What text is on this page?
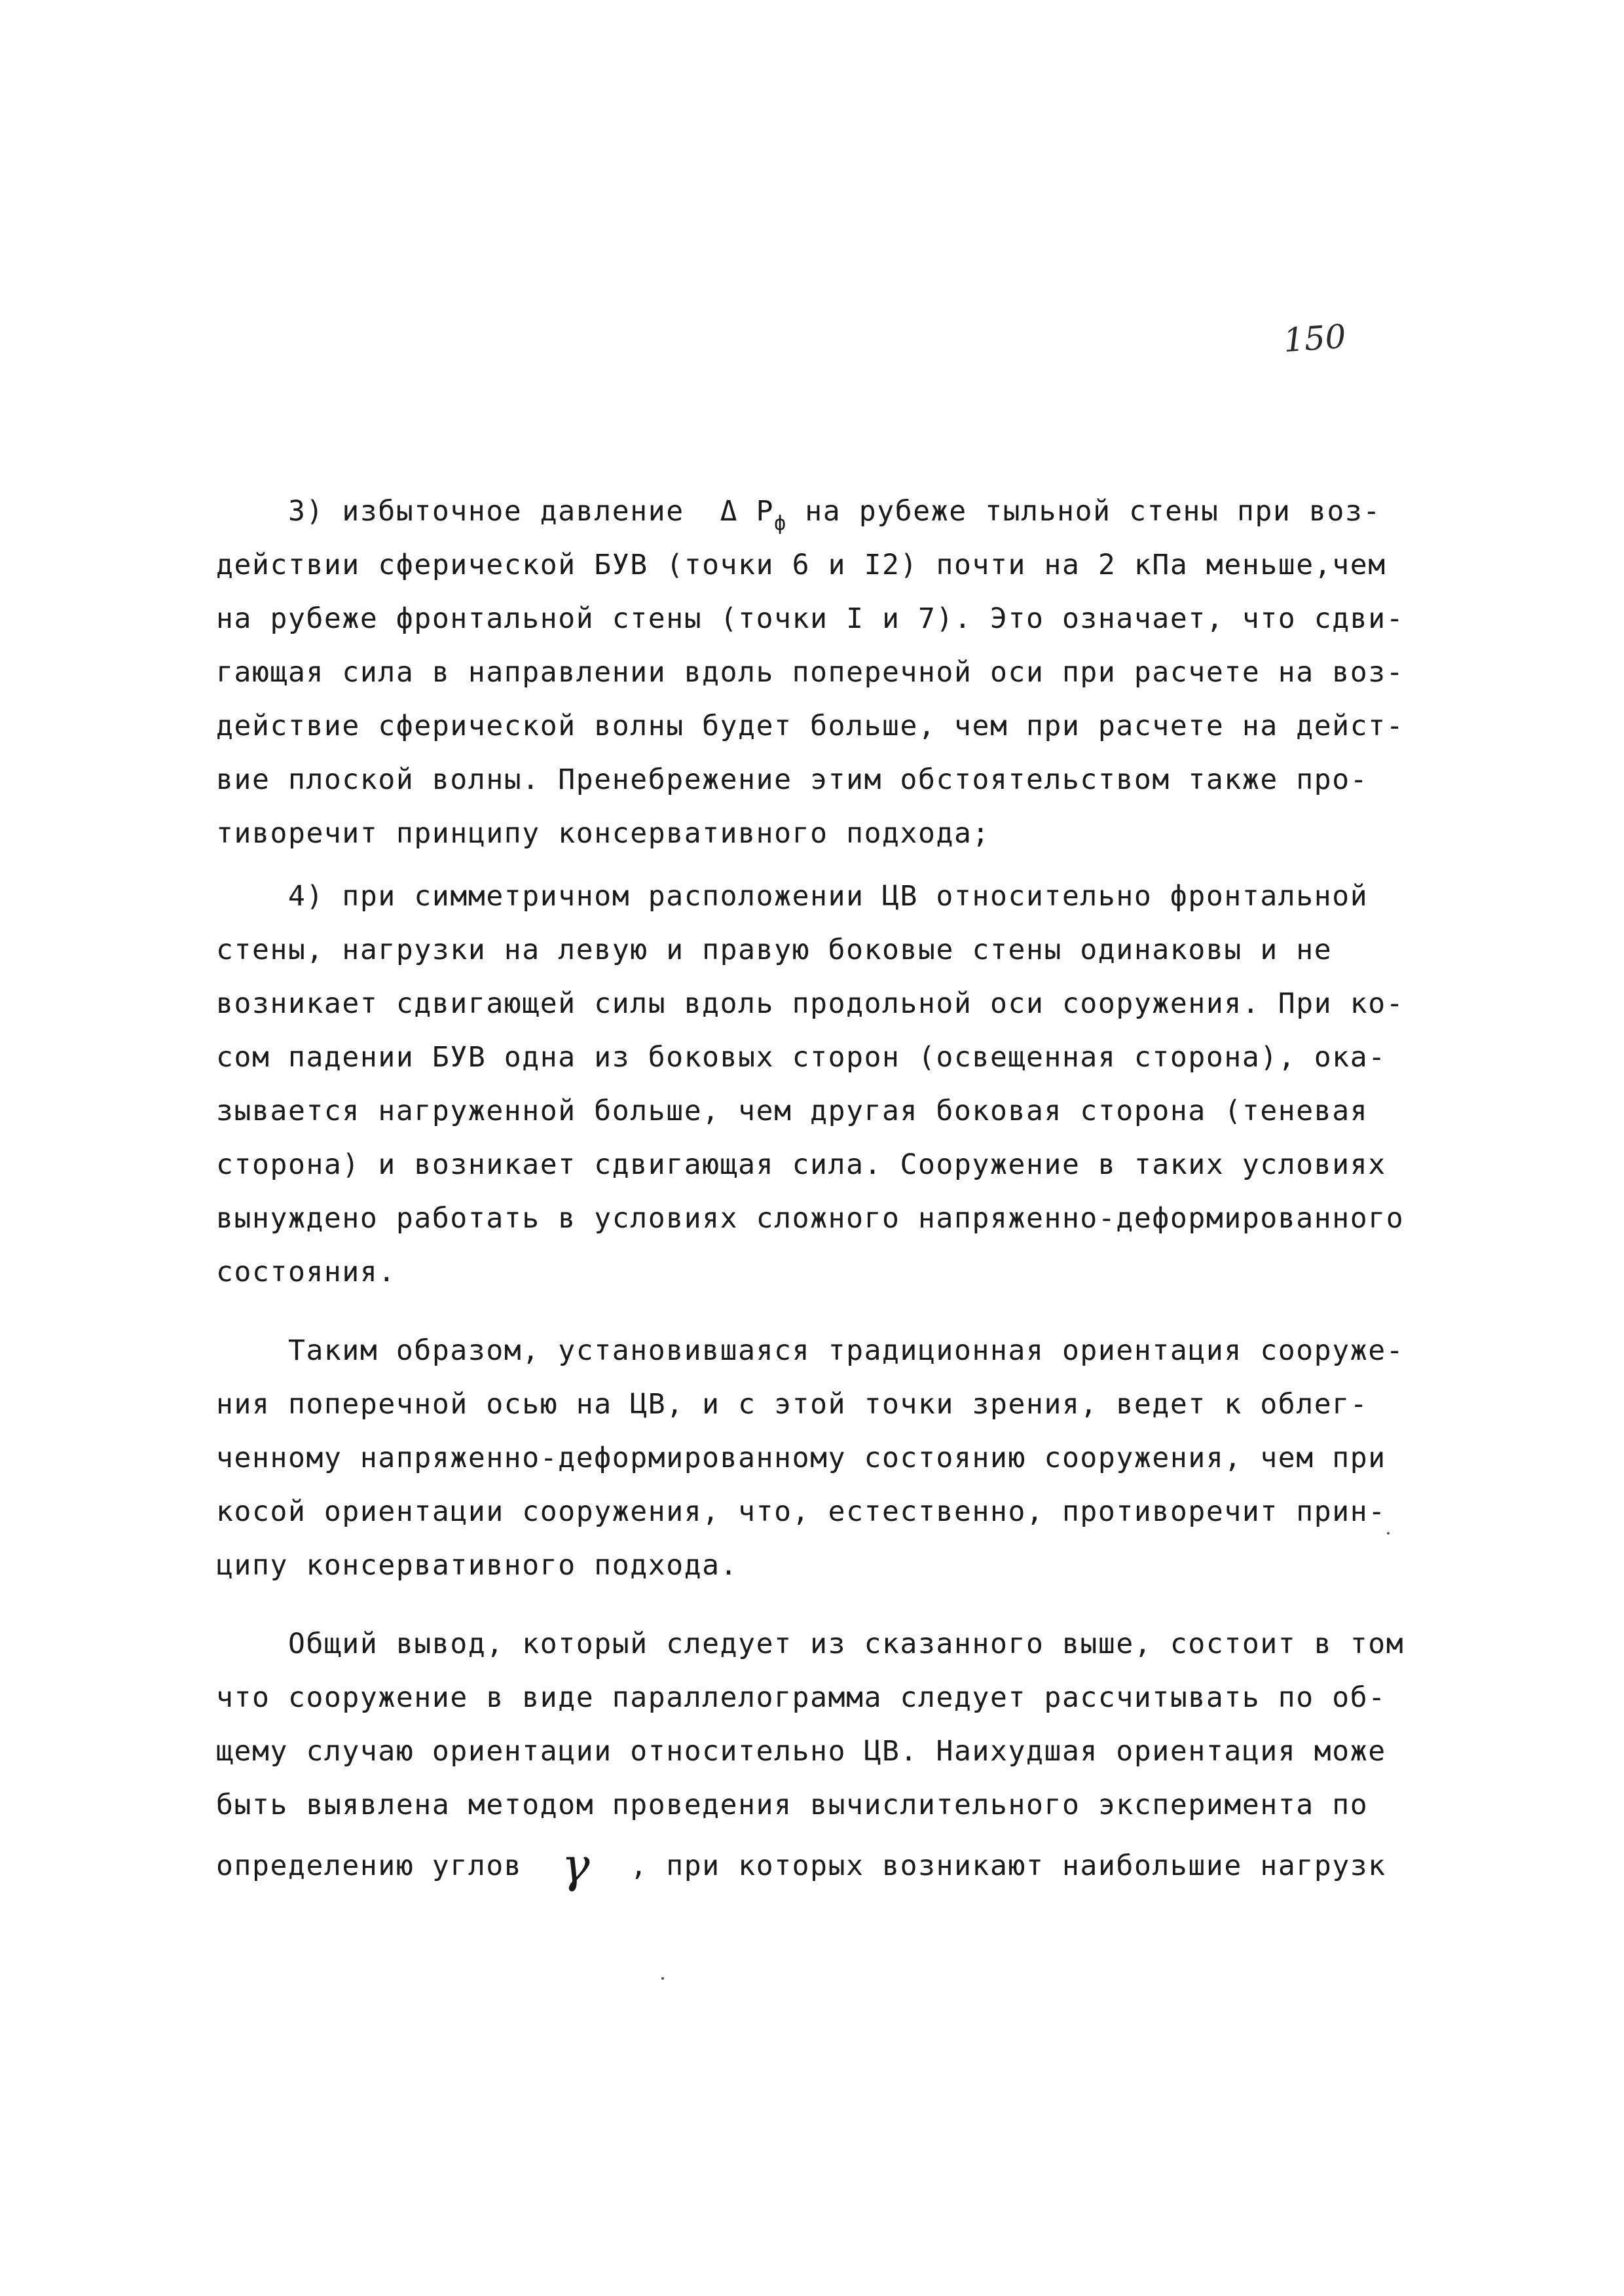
150
3) избыточное давление  Δ $P_ф$ на рубеже тыльной стены при воз-
действии сферической БУВ (точки 6 и I2) почти на 2 кПа меньше,чем
на рубеже фронтальной стены (точки I и 7). Это означает, что сдви-
гающая сила в направлении вдоль поперечной оси при расчете на воз-
действие сферической волны будет больше, чем при расчете на дейст-
вие плоской волны. Пренебрежение этим обстоятельством также про-
тиворечит принципу консервативного подхода;
4) при симметричном расположении ЦВ относительно фронтальной
стены, нагрузки на левую и правую боковые стены одинаковы и не
возникает сдвигающей силы вдоль продольной оси сооружения. При ко-
сом падении БУВ одна из боковых сторон (освещенная сторона), ока-
зывается нагруженной больше, чем другая боковая сторона (теневая
сторона) и возникает сдвигающая сила. Сооружение в таких условиях
вынуждено работать в условиях сложного напряженно-деформированного
состояния.
Таким образом, установившаяся традиционная ориентация сооруже-
ния поперечной осью на ЦВ, и с этой точки зрения, ведет к облег-
ченному напряженно-деформированному состоянию сооружения, чем при
косой ориентации сооружения, что, естественно, противоречит прин-
ципу консервативного подхода.
Общий вывод, который следует из сказанного выше, состоит в том
что сооружение в виде параллелограмма следует рассчитывать по об-
щему случаю ориентации относительно ЦВ. Наихудшая ориентация може
быть выявлена методом проведения вычислительного эксперимента по
определению углов γ , при которых возникают наибольшие нагрузк
